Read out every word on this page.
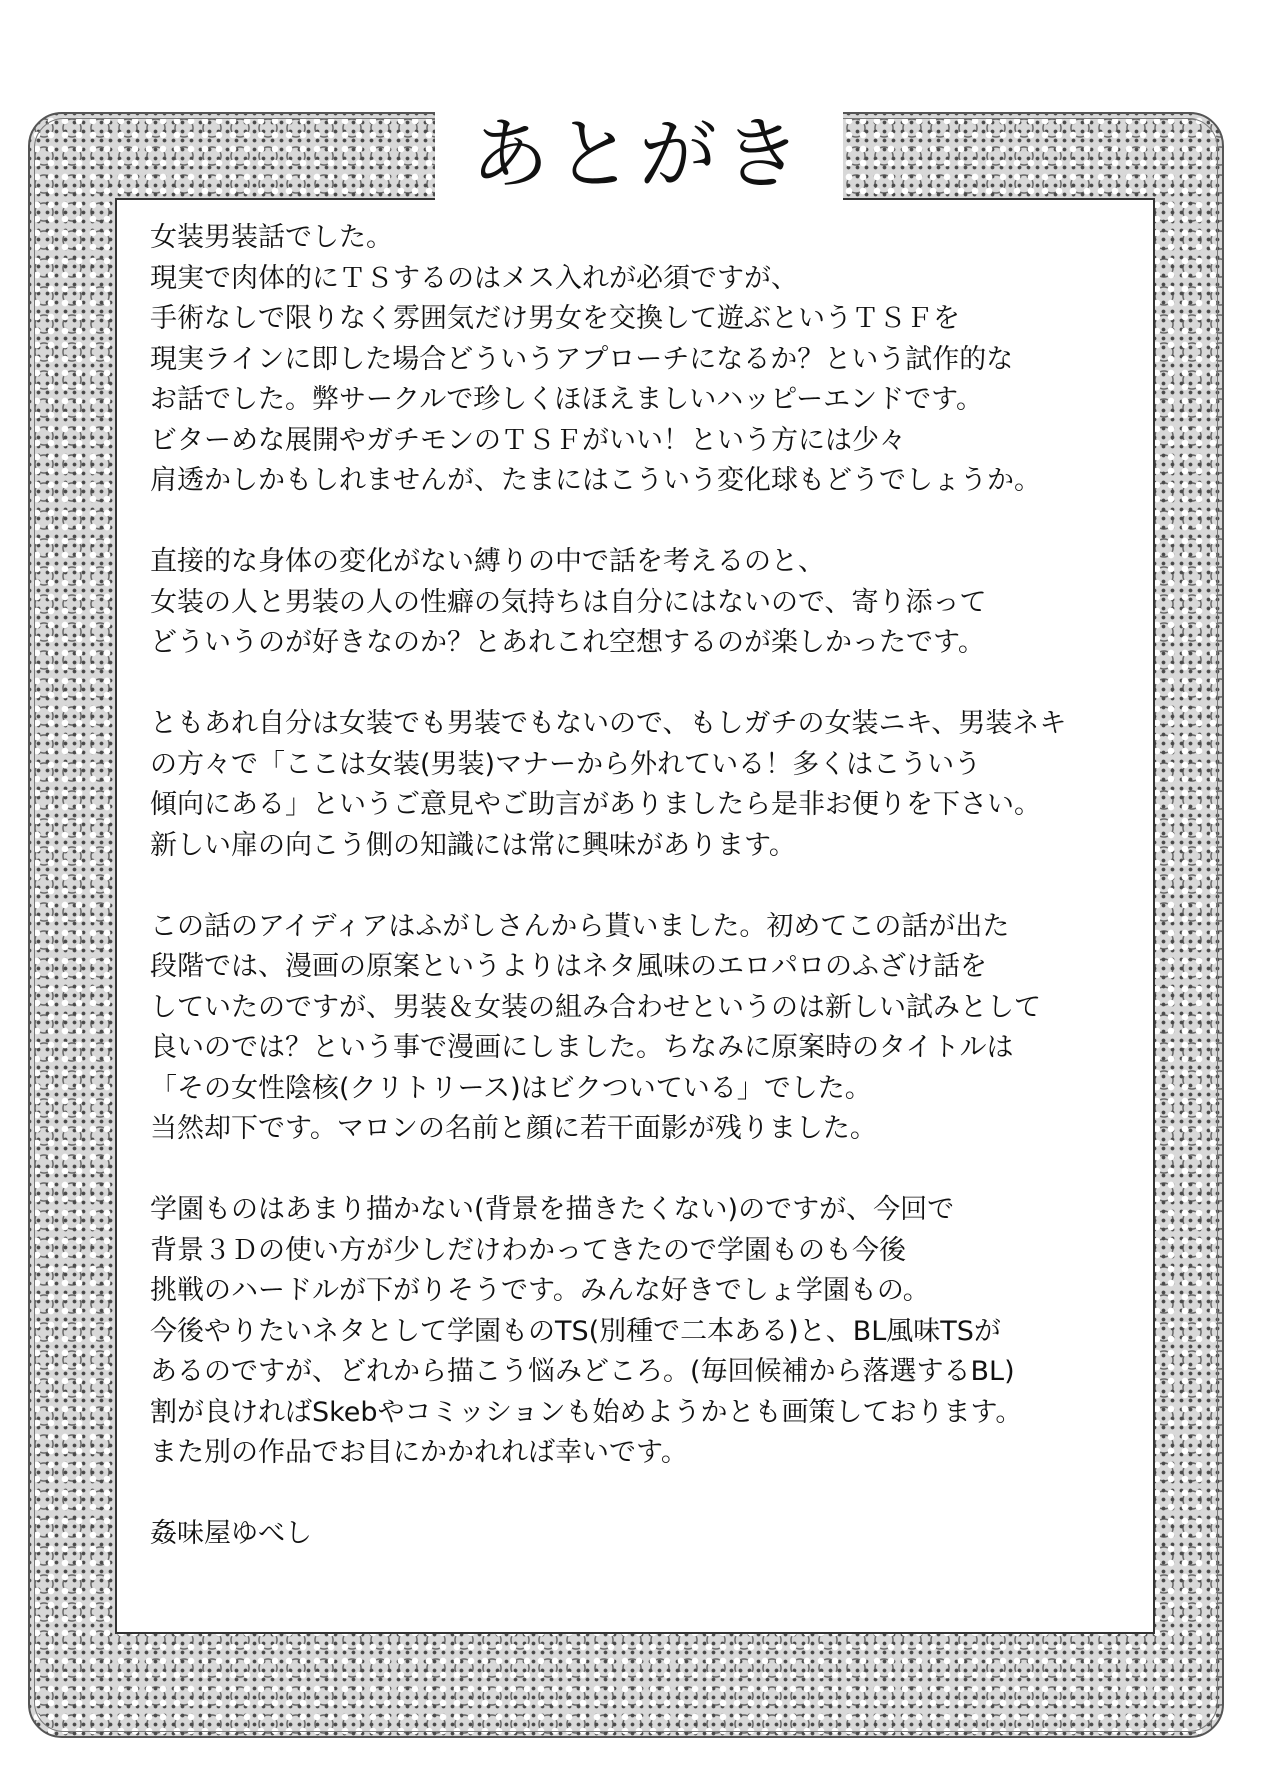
あとがき
女装男装話でした。
現実で肉体的にＴＳするのはメス入れが必須ですが、
手術なしで限りなく雰囲気だけ男女を交換して遊ぶというＴＳＦを
現実ラインに即した場合どういうアプローチになるか？という試作的な
お話でした。弊サークルで珍しくほほえましいハッピーエンドです。
ビターめな展開やガチモンのＴＳＦがいい！という方には少々
肩透かしかもしれませんが、たまにはこういう変化球もどうでしょうか。
直接的な身体の変化がない縛りの中で話を考えるのと、
女装の人と男装の人の性癖の気持ちは自分にはないので、寄り添って
どういうのが好きなのか？とあれこれ空想するのが楽しかったです。
ともあれ自分は女装でも男装でもないので、もしガチの女装ニキ、男装ネキ
の方々で「ここは女装(男装)マナーから外れている！多くはこういう
傾向にある」というご意見やご助言がありましたら是非お便りを下さい。
新しい扉の向こう側の知識には常に興味があります。
この話のアイディアはふがしさんから貰いました。初めてこの話が出た
段階では、漫画の原案というよりはネタ風味のエロパロのふざけ話を
していたのですが、男装＆女装の組み合わせというのは新しい試みとして
良いのでは？という事で漫画にしました。ちなみに原案時のタイトルは
「その女性陰核(クリトリース)はビクついている」でした。
当然却下です。マロンの名前と顔に若干面影が残りました。
学園ものはあまり描かない(背景を描きたくない)のですが、今回で
背景３Ｄの使い方が少しだけわかってきたので学園ものも今後
挑戦のハードルが下がりそうです。みんな好きでしょ学園もの。
今後やりたいネタとして学園ものTS(別種で二本ある)と、BL風味TSが
あるのですが、どれから描こう悩みどころ。(毎回候補から落選するBL)
割が良ければSkebやコミッションも始めようかとも画策しております。
また別の作品でお目にかかれれば幸いです。
姦味屋ゆべし
